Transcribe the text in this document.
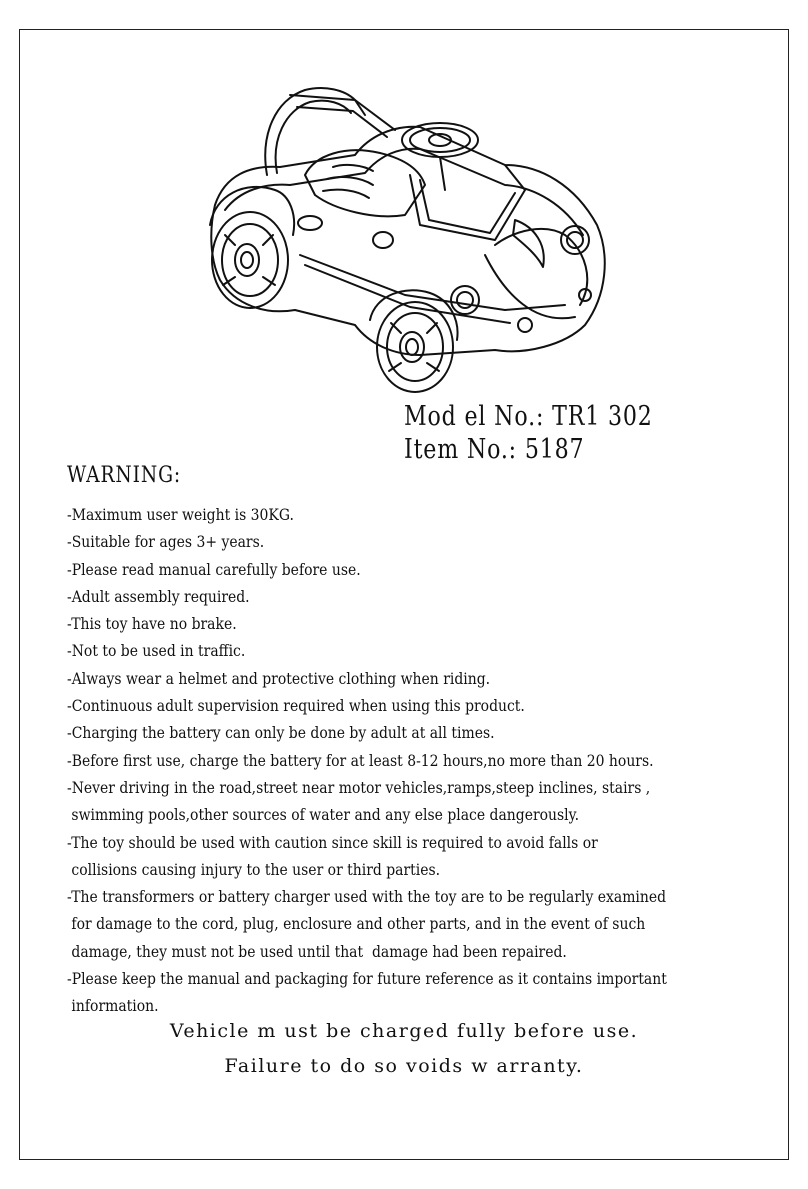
Mod el No.: TR1 302
Item No.: 5187
WARNING:
-Maximum user weight is 30KG.
-Suitable for ages 3+ years.
-Please read manual carefully before use.
-Adult assembly required.
-This toy have no brake.
-Not to be used in traffic.
-Always wear a helmet and protective clothing when riding.
-Continuous adult supervision required when using this product.
-Charging the battery can only be done by adult at all times.
-Before first use, charge the battery for at least 8-12 hours,no more than 20 hours.
-Never driving in the road,street near motor vehicles,ramps,steep inclines, stairs ,
swimming pools,other sources of water and any else place dangerously.
-The toy should be used with caution since skill is required to avoid falls or
collisions causing injury to the user or third parties.
-The transformers or battery charger used with the toy are to be regularly examined
for damage to the cord, plug, enclosure and other parts, and in the event of such
damage, they must not be used until that  damage had been repaired.
-Please keep the manual and packaging for future reference as it contains important
information.
Vehicle m ust be charged fully before use.
Failure to do so voids w arranty.
